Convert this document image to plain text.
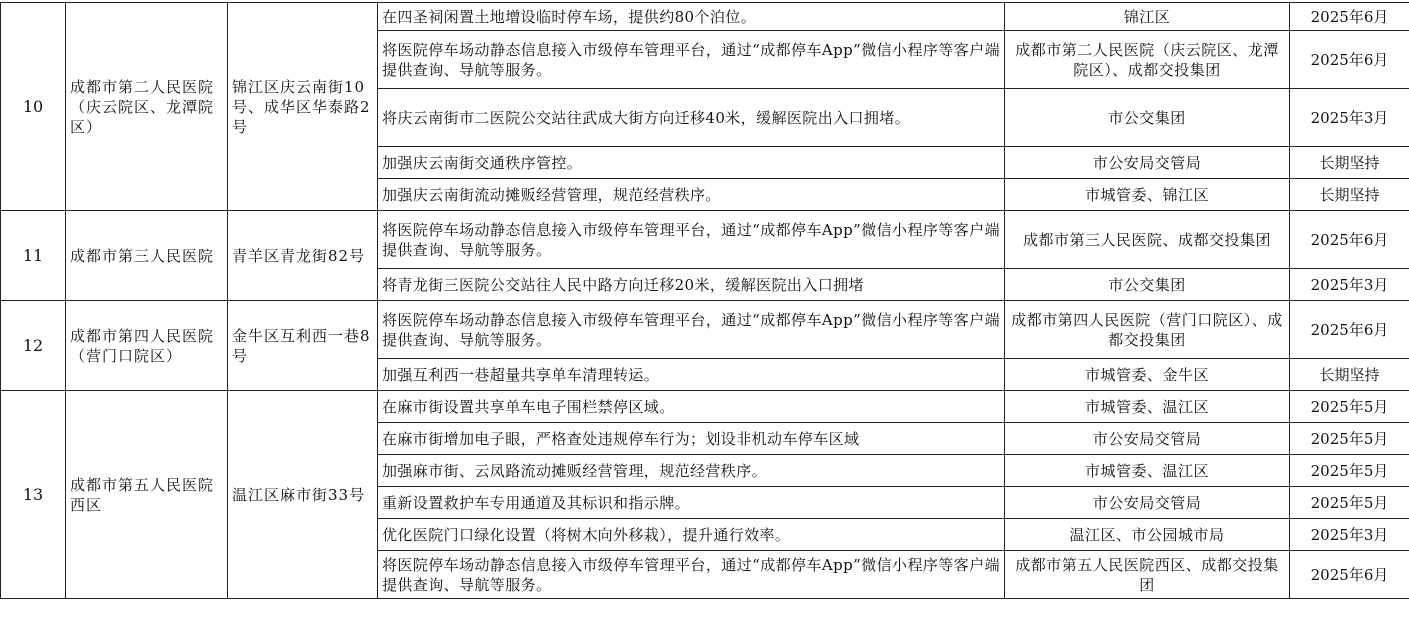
10	成都市第二人民医院（庆云院区、龙潭院区）	锦江区庆云南街10号、成华区华泰路2号	在四圣祠闲置土地增设临时停车场，提供约80个泊位。	锦江区	2025年6月
			将医院停车场动静态信息接入市级停车管理平台，通过“成都停车App”微信小程序等客户端提供查询、导航等服务。	成都市第二人民医院（庆云院区、龙潭院区）、成都交投集团	2025年6月
			将庆云南街市二医院公交站往武成大街方向迁移40米，缓解医院出入口拥堵。	市公交集团	2025年3月
			加强庆云南街交通秩序管控。	市公安局交管局	长期坚持
			加强庆云南街流动摊贩经营管理，规范经营秩序。	市城管委、锦江区	长期坚持
11	成都市第三人民医院	青羊区青龙街82号	将医院停车场动静态信息接入市级停车管理平台，通过“成都停车App”微信小程序等客户端提供查询、导航等服务。	成都市第三人民医院、成都交投集团	2025年6月
			将青龙街三医院公交站往人民中路方向迁移20米，缓解医院出入口拥堵	市公交集团	2025年3月
12	成都市第四人民医院（营门口院区）	金牛区互利西一巷8号	将医院停车场动静态信息接入市级停车管理平台，通过“成都停车App”微信小程序等客户端提供查询、导航等服务。	成都市第四人民医院（营门口院区）、成都交投集团	2025年6月
			加强互利西一巷超量共享单车清理转运。	市城管委、金牛区	长期坚持
13	成都市第五人民医院西区	温江区麻市街33号	在麻市街设置共享单车电子围栏禁停区域。	市城管委、温江区	2025年5月
			在麻市街增加电子眼，严格查处违规停车行为；划设非机动车停车区域	市公安局交管局	2025年5月
			加强麻市街、云凤路流动摊贩经营管理，规范经营秩序。	市城管委、温江区	2025年5月
			重新设置救护车专用通道及其标识和指示牌。	市公安局交管局	2025年5月
			优化医院门口绿化设置（将树木向外移栽），提升通行效率。	温江区、市公园城市局	2025年3月
			将医院停车场动静态信息接入市级停车管理平台，通过“成都停车App”微信小程序等客户端提供查询、导航等服务。	成都市第五人民医院西区、成都交投集团	2025年6月
